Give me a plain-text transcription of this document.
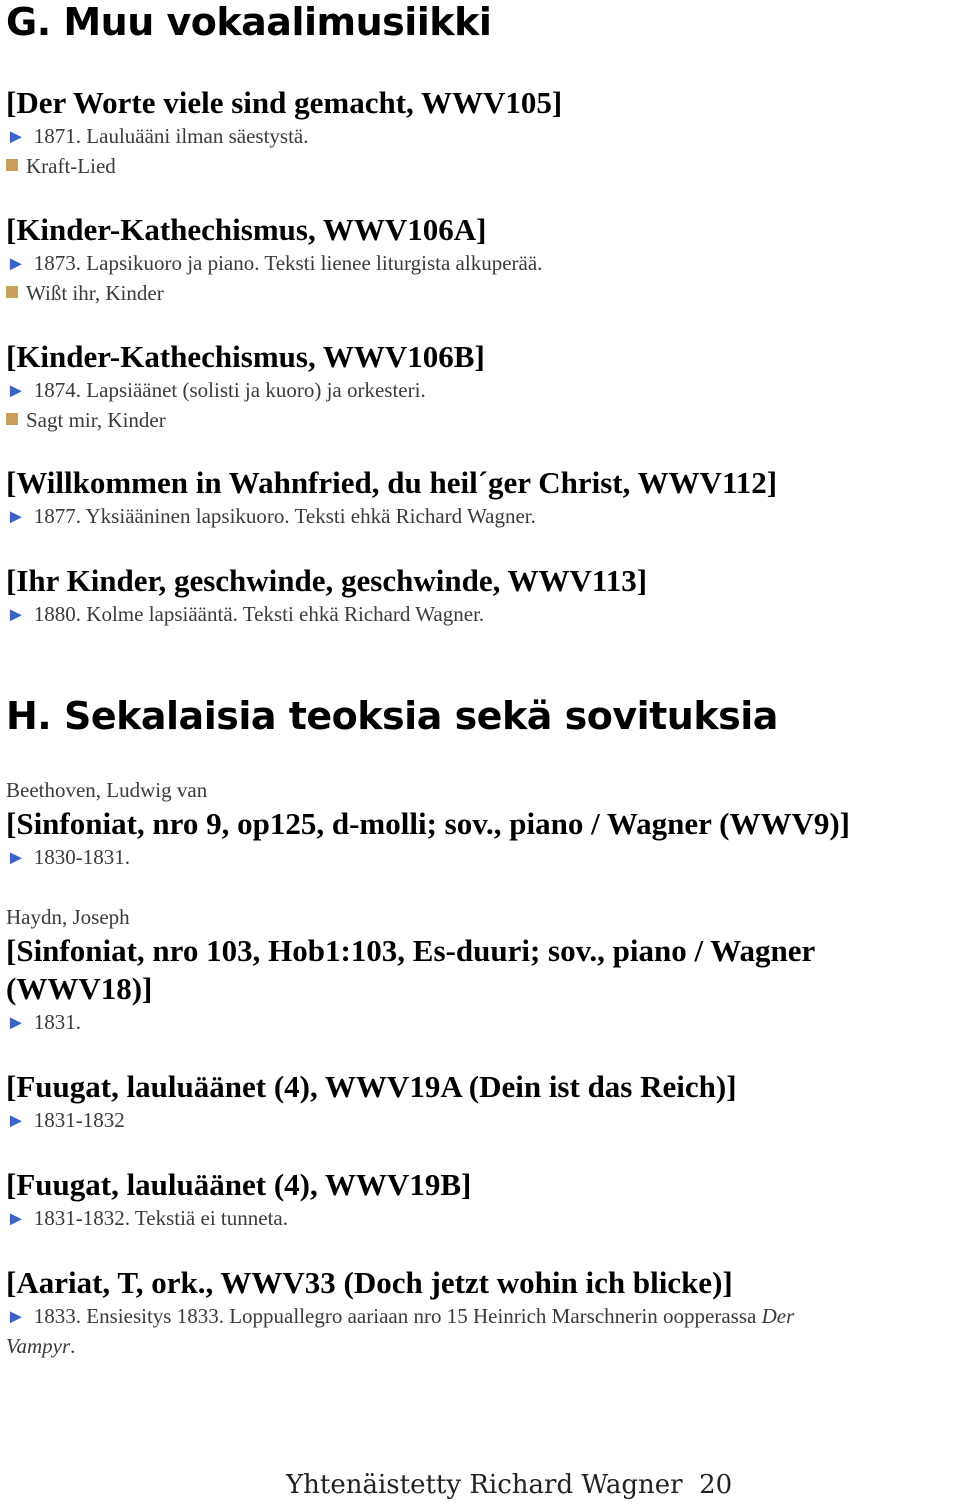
G. Muu vokaalimusiikki

[Der Worte viele sind gemacht, WWV105]

► 1871. Lauluääni ilman säestystä.

Kraft-Lied

[Kinder-Kathechismus, WWV106A]

► 1873. Lapsikuoro ja piano. Teksti lienee liturgista alkuperää.

Wißt ihr, Kinder

[Kinder-Kathechismus, WWV106B]

► 1874. Lapsiäänet (solisti ja kuoro) ja orkesteri.

Sagt mir, Kinder

[Willkommen in Wahnfried, du heil´ger Christ, WWV112]

► 1877. Yksiääninen lapsikuoro. Teksti ehkä Richard Wagner.

[Ihr Kinder, geschwinde, geschwinde, WWV113]

► 1880. Kolme lapsiääntä. Teksti ehkä Richard Wagner.

H. Sekalaisia teoksia sekä sovituksia

Beethoven, Ludwig van

[Sinfoniat, nro 9, op125, d-molli; sov., piano / Wagner (WWV9)]

► 1830-1831.

Haydn, Joseph

[Sinfoniat, nro 103, Hob1:103, Es-duuri; sov., piano / Wagner

(WWV18)]

► 1831.

[Fuugat, lauluäänet (4), WWV19A (Dein ist das Reich)]

► 1831-1832

[Fuugat, lauluäänet (4), WWV19B]

► 1831-1832. Tekstiä ei tunneta.

[Aariat, T, ork., WWV33 (Doch jetzt wohin ich blicke)]

► 1833. Ensiesitys 1833. Loppuallegro aariaan nro 15 Heinrich Marschnerin oopperassa Der
Vampyr.

Yhtenäistetty Richard Wagner 20
